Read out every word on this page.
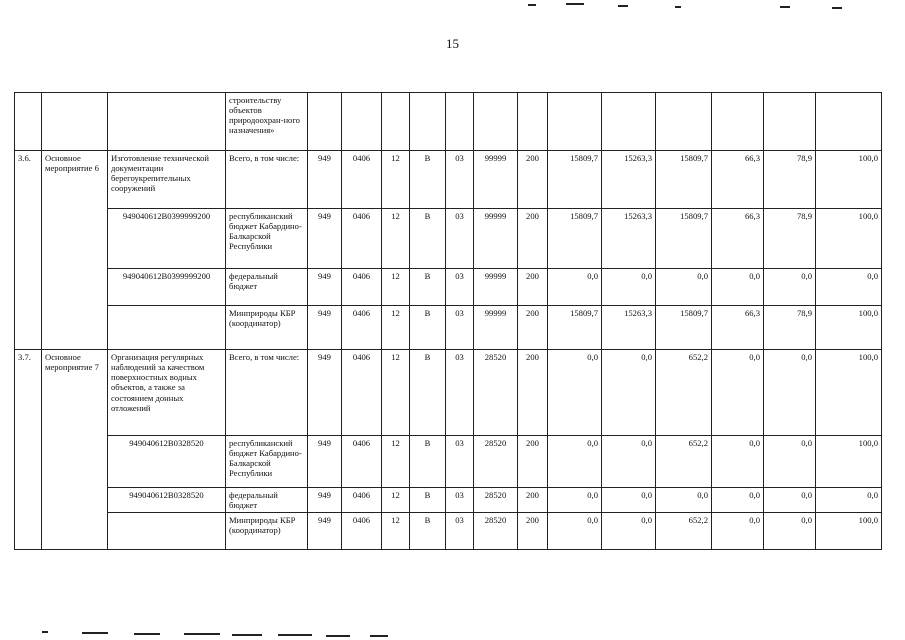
15
			строительству объектов природоохран-ного назначения»													
3.6.	Основное мероприятие 6	Изготовление технической документации берегоукрепительных сооружений	Всего, в том числе:	949	0406	12	В	03	99999	200	15809,7	15263,3	15809,7	66,3	78,9	100,0
		949040612В0399999200	республиканский бюджет Кабардино-Балкарской Республики	949	0406	12	В	03	99999	200	15809,7	15263,3	15809,7	66,3	78,9	100,0
		949040612В0399999200	федеральный бюджет	949	0406	12	В	03	99999	200	0,0	0,0	0,0	0,0	0,0	0,0
			Минприроды КБР (координатор)	949	0406	12	В	03	99999	200	15809,7	15263,3	15809,7	66,3	78,9	100,0
3.7.	Основное мероприятие 7	Организация регулярных наблюдений за качеством поверхностных водных объектов, а также за состоянием донных отложений	Всего, в том числе:	949	0406	12	В	03	28520	200	0,0	0,0	652,2	0,0	0,0	100,0
		949040612В0328520	республиканский бюджет Кабардино-Балкарской Республики	949	0406	12	В	03	28520	200	0,0	0,0	652,2	0,0	0,0	100,0
		949040612В0328520	федеральный бюджет	949	0406	12	В	03	28520	200	0,0	0,0	0,0	0,0	0,0	0,0
			Минприроды КБР (координатор)	949	0406	12	В	03	28520	200	0,0	0,0	652,2	0,0	0,0	100,0
